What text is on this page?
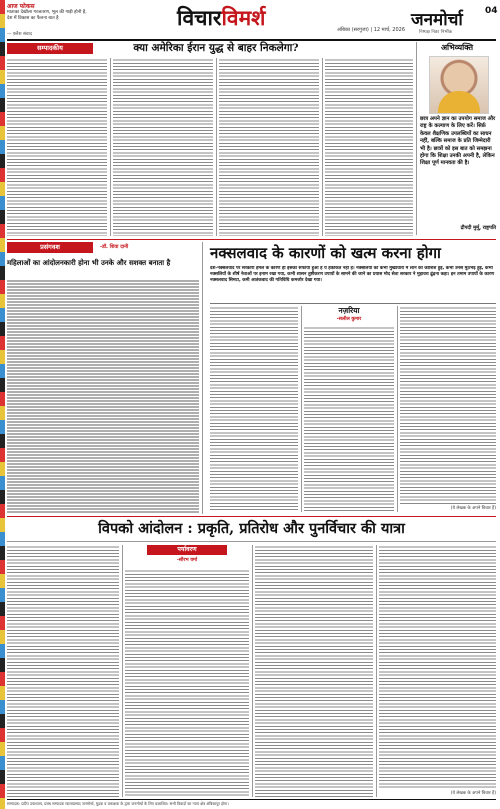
आज फोकस
माताका देखीला गरजतरण, भूल की गाड़ी होनी है, देश में विकास का फैलना बात है
— फ़्लैश संवाद
विचारविमर्श	अंबिका (सरगुजा) | 12 मार्च, 2026 जनमोर्चा
निष्पक्ष निडर निर्भीक
04
सम्पादकीय	क्या अमेरिका ईरान युद्ध से बाहर निकलेगा?	अभिव्यक्ति
छात्र अपने ज्ञान का उपयोग समाज और राष्ट्र के कल्याण के लिए करें। सिर्फ़ केवल शैक्षणिक उपलब्धियों का साधन नहीं, बल्कि समाज के प्रति जिम्मेदारी भी है। छात्रों को इस बात को समझना होगा कि शिक्षा उनकी अपनी है, लेकिन शिक्षा पूर्ण मानवता की है।
द्रौपदी मुर्मू, राष्ट्रपति
प्रसंगवश	-डॉ. शिवा दानी
महिलाओं का आंदोलनकारी होना भी उनके और सशक्त बनाता है
नक्सलवाद के कारणों को खत्म करना होगा
देश-नक्सलवाद पर सरकारी हमले के कारण ही इसका सफाया हुआ है ये हकीकत नहीं है। नक्सलियों को कभी मुख्यधारा में लाने की कोशिश हुई, कभी उनसे मुठभेड़ हुई, कभी नक्सलियों के शीर्ष नेताओं पर इनाम रखा गया, कभी शासन तुष्टीकरण उपायों के सामने की जाने का प्रयास मोद सेता सरकार ने मुहावरा ढूंढ़ना कहा। इन तमाम उपायों के कारण नक्सलवाद सिमटा, कमी आतंकवाद की गतिविधि कमजोर देखा गया।
नज़रिया
-सलील कुमार
(ये लेखक के अपने विचार हैं)
विपको आंदोलन : प्रकृति, प्रतिरोध और पुनर्विचार की यात्रा
पर्यावरण
-सौरभ वर्मा
(ये लेखक के अपने विचार हैं)
सम्पादक: प्रदीप उपाध्याय, प्रबंध सम्पादक ग्वालाप्रसाद जनमोर्चा, मुद्रक व प्रकाशक के द्वारा जनमोर्चा के लिए प्रकाशित। सभी विवादों का न्याय क्षेत्र अंबिकापुर होगा।
